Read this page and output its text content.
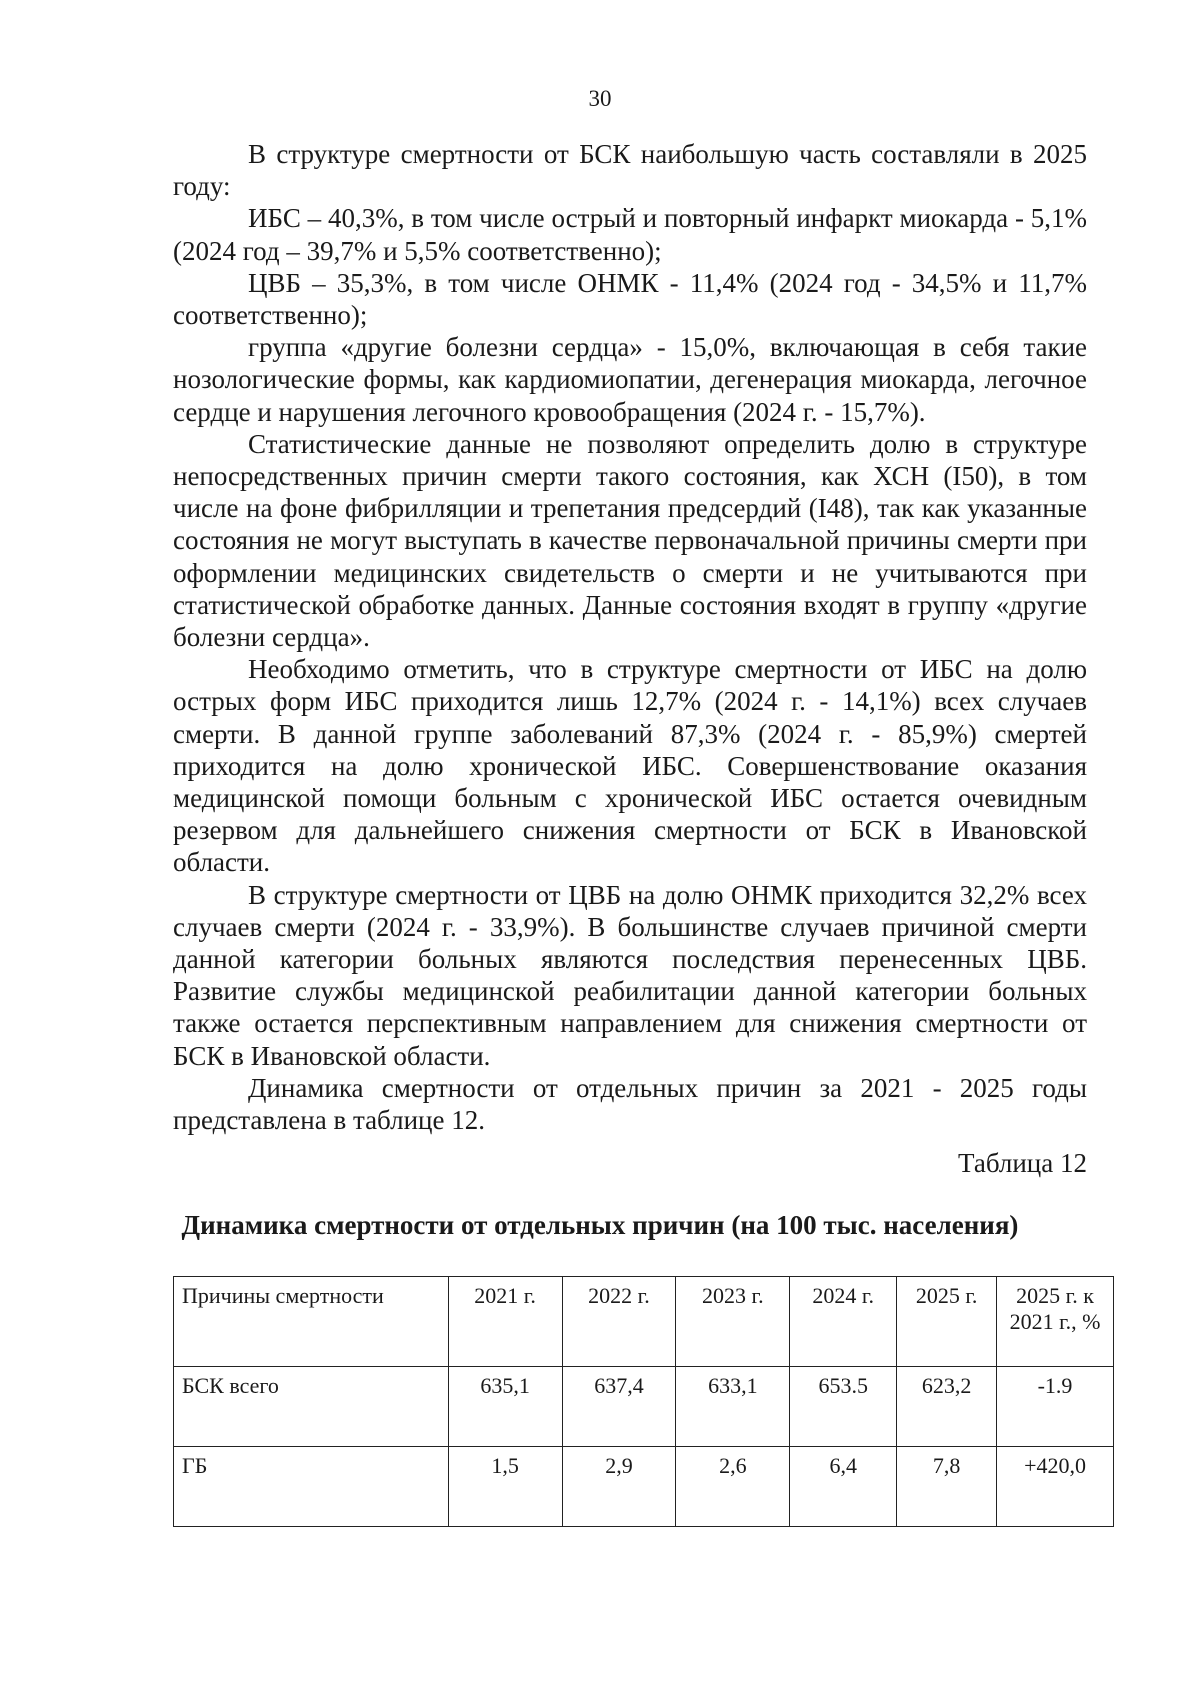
30

В структуре смертности от БСК наибольшую часть составляли в 2025 году:

ИБС – 40,3%, в том числе острый и повторный инфаркт миокарда - 5,1% (2024 год – 39,7% и 5,5% соответственно);

ЦВБ – 35,3%, в том числе ОНМК - 11,4% (2024 год - 34,5% и 11,7% соответственно);

группа «другие болезни сердца» - 15,0%, включающая в себя такие нозологические формы, как кардиомиопатии, дегенерация миокарда, легочное сердце и нарушения легочного кровообращения (2024 г. - 15,7%).

Статистические данные не позволяют определить долю в структуре непосредственных причин смерти такого состояния, как ХСН (I50), в том числе на фоне фибрилляции и трепетания предсердий (I48), так как указанные состояния не могут выступать в качестве первоначальной причины смерти при оформлении медицинских свидетельств о смерти и не учитываются при статистической обработке данных. Данные состояния входят в группу «другие болезни сердца».

Необходимо отметить, что в структуре смертности от ИБС на долю острых форм ИБС приходится лишь 12,7% (2024 г. - 14,1%) всех случаев смерти. В данной группе заболеваний 87,3% (2024 г. - 85,9%) смертей приходится на долю хронической ИБС. Совершенствование оказания медицинской помощи больным с хронической ИБС остается очевидным резервом для дальнейшего снижения смертности от БСК в Ивановской области.

В структуре смертности от ЦВБ на долю ОНМК приходится 32,2% всех случаев смерти (2024 г. - 33,9%). В большинстве случаев причиной смерти данной категории больных являются последствия перенесенных ЦВБ. Развитие службы медицинской реабилитации данной категории больных также остается перспективным направлением для снижения смертности от БСК в Ивановской области.

Динамика смертности от отдельных причин за 2021 - 2025 годы представлена в таблице 12.

Таблица 12
Динамика смертности от отдельных причин (на 100 тыс. населения)
Причины смертности	2021 г.	2022 г.	2023 г.	2024 г.	2025 г.	2025 г. к 2021 г., %
БСК всего	635,1	637,4	633,1	653.5	623,2	-1.9
ГБ	1,5	2,9	2,6	6,4	7,8	+420,0
